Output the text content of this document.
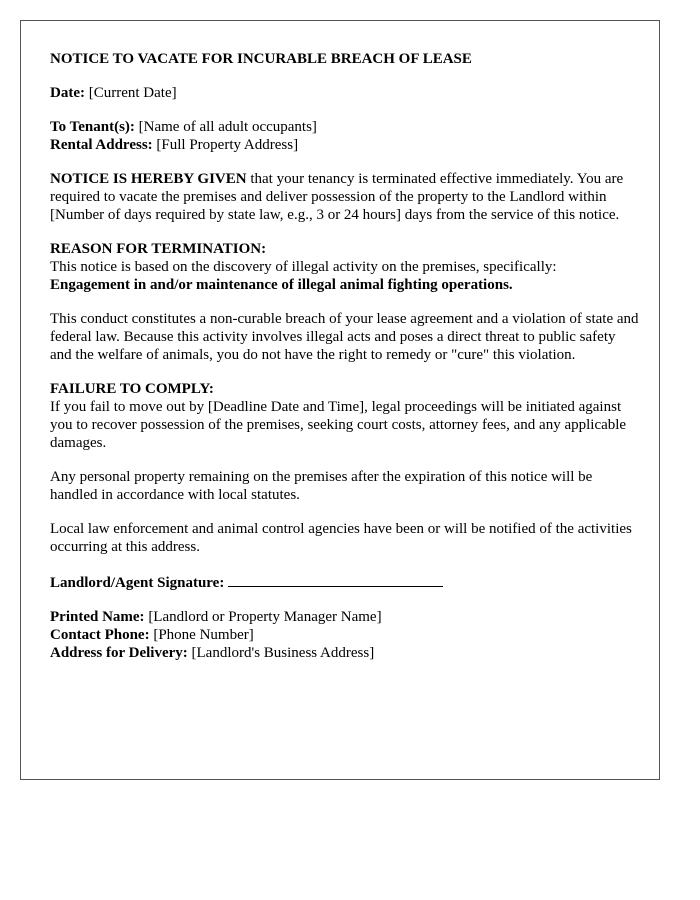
NOTICE TO VACATE FOR INCURABLE BREACH OF LEASE

Date: [Current Date]

To Tenant(s): [Name of all adult occupants]
Rental Address: [Full Property Address]

NOTICE IS HEREBY GIVEN that your tenancy is terminated effective immediately. You are required to vacate the premises and deliver possession of the property to the Landlord within [Number of days required by state law, e.g., 3 or 24 hours] days from the service of this notice.

REASON FOR TERMINATION:
This notice is based on the discovery of illegal activity on the premises, specifically:
Engagement in and/or maintenance of illegal animal fighting operations.

This conduct constitutes a non-curable breach of your lease agreement and a violation of state and federal law. Because this activity involves illegal acts and poses a direct threat to public safety and the welfare of animals, you do not have the right to remedy or "cure" this violation.

FAILURE TO COMPLY:
If you fail to move out by [Deadline Date and Time], legal proceedings will be initiated against you to recover possession of the premises, seeking court costs, attorney fees, and any applicable damages.

Any personal property remaining on the premises after the expiration of this notice will be handled in accordance with local statutes.

Local law enforcement and animal control agencies have been or will be notified of the activities occurring at this address.

Landlord/Agent Signature:

Printed Name: [Landlord or Property Manager Name]
Contact Phone: [Phone Number]
Address for Delivery: [Landlord's Business Address]
